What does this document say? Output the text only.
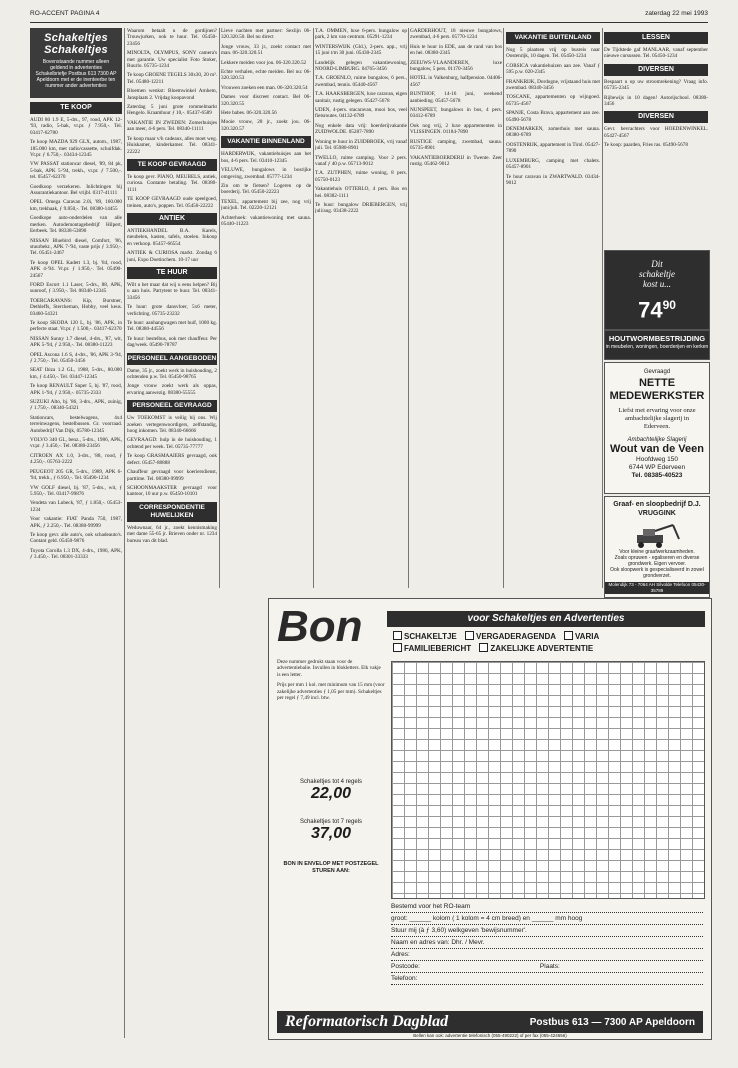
RO-ACCENT PAGINA 4	zaterdag 22 mei 1993
Schakeltjes Schakeltjes
Bovenstaande nummer alleen geldend in advertenties Schakelbriefje Postbus 613 7300 AP Apeldoorn met er de inenteerbe ten nummer ander advertenties
TE KOOP

AUDI 80 1.9 E, 5-drs., 97, rood, APK 12-'93, radio, 5-bak, vr.pr. ƒ 7.950,-. Tel. 03417-62780

Te koop MAZDA 929 GLX, autom., 1987, 185.000 km, met radio/cassette, schuifdak. Vr.pr. ƒ 6.750,-. 03434-12345

VW PASSAT stationcar diesel, '89, 84 pk, 5-bak, APK 5-'94, trekh., vr.pr. ƒ 7.500,-. tel. 05457-62370

Goedkoop verzekeren. Inlichtingen bij Assurantiekantoor. Bel vrijbl. 0317-41111

OPEL Omega Caravan 2.0i, '89, 160.000 km, trekhaak, ƒ 9.850,-. Tel. 08380-14455

Goedkope auto-onderdelen van alle merken. Autodemontagebedrijf Hilpert, Eerbeek. Tel. 08338-53890

NISSAN Bluebird diesel, Comfort, '86, stuurbekr., APK 7-'94, vaste prijs ƒ 3.950,-. Tel. 05451-2467

Te koop OPEL Kadett 1.3, bj. '84, rood, APK 4-'94. Vr.pr. ƒ 1.950,-. Tel. 05490-24567

FORD Escort 1.1 Laser, 5-drs., 88, APK, sunroof, ƒ 3.950,-. Tel. 08340-12345

TOERCARAVANS: Kip, Burstner, Dethleffs, Sterckeman, Hobby, veel keus. 03460-54321

Te koop SKODA 120 L, bj. '86, APK, in perfecte staat. Vr.pr. ƒ 1.500,-. 03417-62370

NISSAN Sunny 1.7 diesel, 4-drs., '87, wit, APK 5-'94, ƒ 2.950,-. Tel. 08380-11223

OPEL Ascona 1.6 S, 4-drs., '86, APK 3-'94, ƒ 2.750,-. Tel. 05450-3456

SEAT Ibiza 1.2 GL, 1988, 5-drs., 80.000 km, ƒ 4.450,-. Tel. 03447-12345

Te koop RENAULT Super 5, bj. '87, rood, APK 1-'94, ƒ 2.950,-. 05735-2333

SUZUKI Alto, bj. '86, 3-drs., APK, zuinig, ƒ 1.750,-. 08340-54321

Stationcars, bestelwagens, 4x4 terreinwagens, bestelbussen. Gr. voorraad. Autobedrijf Van Dijk, 05780-12345

VOLVO 340 GL, benz., 5-drs., 1986, APK, vr.pr. ƒ 3.450,-. Tel. 08380-23456

CITROEN AX 1.0, 3-drs., '88, rood, ƒ 4.250,-. 05763-2222

PEUGEOT 205 GR, 5-drs., 1989, APK 6-'94, trekh., ƒ 6.950,-. Tel. 05490-1234

VW GOLF diesel, bj. '87, 5-drs., wit, ƒ 5.950,-. Tel. 03417-99876

Vendeta van Lubeck, '87, ƒ 1.850,-. 05453-1234

Voor vakantie: FIAT Panda 750, 1987, APK, ƒ 2.250,-. Tel. 08380-99999

Te koop gevr. alle auto's, ook schadeauto's. Contant geld. 05450-9876

Toyota Corolla 1.3 DX, 4-drs., 1986, APK, ƒ 3.450,-. Tel. 08301-33333

Waarom betaalt u de gordijnen? Trouwjurken, ook te huur. Tel. 05450-23456

MINOLTA, OLYMPUS, SONY camera's met garantie. Uw specialist Foto Stoker, Ruurlo. 05735-1234

Te koop GROENE TEGELS 30x30, 20 m². Tel. 05480-12211

Bloemen wenkst: Bloemwinkel Arnhem, Jansplaats 2. Vrijdag koopavond

Zaterdag 5 juni grote rommelmarkt Hengelo. Kraamhuur ƒ 10,-. 05437-6589

VAKANTIE IN ZWEDEN: Zomerhuisjes aan meer, 4-6 pers. Tel. 08340-11111

Te koop maar v/h cadeaux, alles moet weg. Huiskamer, kinderkamer. Tel. 08341-22222

TE KOOP GEVRAAGD

Te koop gevr. PIANO, MEUBELS, antiek, curiosa. Contante betaling. Tel. 08380-1111

TE KOOP GEVRAAGD oude speelgoed, treinen, auto's, poppen. Tel. 05450-22222

ANTIEK

ANTIEKHANDEL B.A. Karels, meubelen, kasten, tafels, stoelen. Inkoop en verkoop. 05457-66554

ANTIEK & CURIOSA markt. Zondag 6 juni, Expo Doetinchem. 10-17 uur

TE HUUR

Wilt u het maar dat wij u eens helpen? Bij u aan huis. Partytent te huur. Tel. 08341-33456

Te huur: grote dansvloer, 5x6 meter, verlichting. 05735-23232

Te huur: aanhangwagen met huif, 1000 kg. Tel. 08380-44556

Te huur: bestelbus, ook met chauffeur. Per dag/week. 05490-78787

PERSONEEL AANGEBODEN

Dame, 35 jr., zoekt werk in huishouding, 2 ochtenden p.w. Tel. 05450-98765

Jonge vrouw zoekt werk als oppas, ervaring aanwezig. 08380-55555

PERSONEEL GEVRAAGD

Uw TOEKOMST is veilig bij ons. Wij zoeken vertegenwoordigers, zelfstandig, hoog inkomen. Tel. 08340-66666

GEVRAAGD: hulp in de huishouding, 1 ochtend per week. Tel. 05735-77777

Te koop GRASMAAIERS gevraagd, ook defect. 05457-88888

Chauffeur gevraagd voor koeriersdienst, parttime. Tel. 08380-99999

SCHOONMAAKSTER gevraagd voor kantoor, 10 uur p.w. 05450-10101

CORRESPONDENTIE HUWELIJKEN

Weduwnaar, 64 jr., zoekt kennismaking met dame 55-65 jr. Brieven onder nr. 1234 bureau van dit blad.

Lieve nachten met partner: Sexlijn 06-320.320.50. Bel nu direct

Jonge vrouw, 33 jr., zoekt contact met man. 06-320.320.51

Lekkere meiden voor jou. 06-320.320.52

Echte verhalen, echte meiden. Bel nu: 06-320.320.53

Vrouwen zoeken een man. 06-320.320.54

Dames voor discreet contact. Bel 06-320.320.55

Hete babes. 06-320.320.56

Mooie vrouw, 28 jr., zoekt jou. 06-320.320.57

VAKANTIE BINNENLAND

HARDERWIJK, vakantiehuisjes aan het bos, 4-6 pers. Tel. 03410-12345

VELUWE, bungalows in bosrijke omgeving, zwembad. 05777-1234

Zin om te fietsen? Logeren op de boerderij. Tel. 05450-22223

TEXEL, appartement bij zee, nog vrij juni/juli. Tel. 02220-12121

Achterhoek: vakantiewoning met sauna. 05440-11223

T.A. OMMEN, luxe 6-pers. bungalow op park, 2 km van centrum. 05291-1234

WINTERSWIJK (Gld.), 2-pers. app., vrij 15 juni t/m 30 juni. 05430-2345

Landelijk gelegen vakantiewoning, NOORD-LIMBURG. 04765-3456

T.A. GROENLO, ruime bungalow, 6 pers., zwembad, tennis. 05440-4567

T.A. HAAKSBERGEN, luxe caravan, eigen sanitair, rustig gelegen. 05427-5678

UDEN, 4-pers. stacaravan, mooi bos, veel fietsroutes. 04132-6789

Nog enkele data vrij: boerderijvakantie ZUIDWOLDE. 05287-7890

Woning te huur in ZUIDBROEK, vrij vanaf juli. Tel. 05980-8901

TWELLO, ruime camping. Voor 2 pers. vanaf ƒ 40 p.w. 05713-9012

T.A. ZUTPHEN, ruime woning, 8 pers. 05750-0123

Vakantiehuis OTTERLO, 4 pers. Bos en hei. 08382-1111

Te huur: bungalow DRIEBERGEN, vrij juli/aug. 03438-2222

GARDERHOUT, 18 nieuwe bungalows, zwembad, 4-6 pers. 05770-1234

Huis te huur in EDE, aan de rand van bos en hei. 08380-2345

ZEEUWS-VLAANDEREN, luxe bungalow, 5 pers. 01170-3456

HOTEL in Valkenburg, halfpension. 04406-4567

BUNTHOF, 14-16 juni, weekend aanbieding. 05457-5678

NUNSPEET, bungalows in bos, 4 pers. 03412-6789

Ook nog vrij, 2 luxe appartementen in VLISSINGEN. 01184-7890

RUSTIGE camping, zwembad, sauna. 05735-8901

VAKANTIEBOERDERIJ in Twente. Zeer rustig. 05462-9012

VAKANTIE BUITENLAND

Nog 5 plaatsen vrij op busreis naar Oostenrijk, 10 dagen. Tel. 05450-1234

CORSICA vakantiehuizen aan zee. Vanaf ƒ 595 p.w. 020-2345

FRANKRIJK, Dordogne, vrijstaand huis met zwembad. 08340-3456

TOSCANE, appartementen op wijngoed. 05735-4567

SPANJE, Costa Brava, appartement aan zee. 05490-5678

DENEMARKEN, zomerhuis met sauna. 08380-6789

OOSTENRIJK, appartement in Tirol. 05427-7890

LUXEMBURG, camping met chalets. 05457-8901

Te huur caravan in ZWARTWALD. 03434-9012

LESSEN

De Tijdstede gaf MANLAAR, vanaf september nieuwe cursussen. Tel. 05450-1234

DIVERSEN

Bespaart u op uw stroomrekening? Vraag info. 05735-2345

Rijbewijs in 10 dagen! Autorijschool. 08380-3456

DIVERSEN

Gevr. bevrachters voor HOEDENWINKEL. 05427-4567

Te koop: paarden, Fries ras. 05490-5678

Dit
schakeltje
kost u...
$74^{90}$
HOUTWORMBESTRIJDING
in meubelen, woningen, boerderijen en kerken
Gevraagd
NETTE MEDEWERKSTER
Liefst met ervaring voor onze ambachtelijke slagerij in Ederveen.
Ambachtelijke Slagerij
Wout van de Veen
Hoofdweg 150
6744 WP Ederveen
Tel. 08385-40523
Graaf- en sloopbedrijf D.J. VRUGGINK
Voor kleine graafwerkzaamheden.
Zoals opruwen - egaliseren en diverse
grondwerk. Eigen vervoer.
Ook sloopwerk is gespecialiseerd in zowel grondverzet.
Molendijk 73 - 7064 AH Silvolde Telefoon 05430-35789
Bon	voor Schakeltjes en Advertenties
SCHAKELTJE VERGADERAGENDA VARIA
FAMILIEBERICHT ZAKELIJKE ADVERTENTIE

Deze nummer gedrukt staan voor de advertentiebalie. Invullen in blokletters. Elk vakje is een letter.

Prijs per mm 1 kol. met minimum van 15 mm (voor zakelijke advertenties ƒ 1,05 per mm). Schakeltjes per regel ƒ 7,49 incl. btw.

Schakeltjes tot 4 regels
22,00
Schakeltjes tot 7 regels
37,00
BON IN ENVELOP MET POSTZEGEL STUREN AAN:
Bestemd voor het RO-team
groot: ______ kolom ( 1 kolom = 4 cm breed) en ______ mm hoog
Stuur mij (à ƒ 3,60) welkgeven 'bewijsnummer'.
Naam en adres van: Dhr. / Mevr.
Adres:
Postcode:	Plaats:
Telefoon:
Reformatorisch Dagblad	Postbus 613 — 7300 AP Apeldoorn
Bellen kan ook: advertentie telefonisch (055-490222) of per fax (055-424656)
